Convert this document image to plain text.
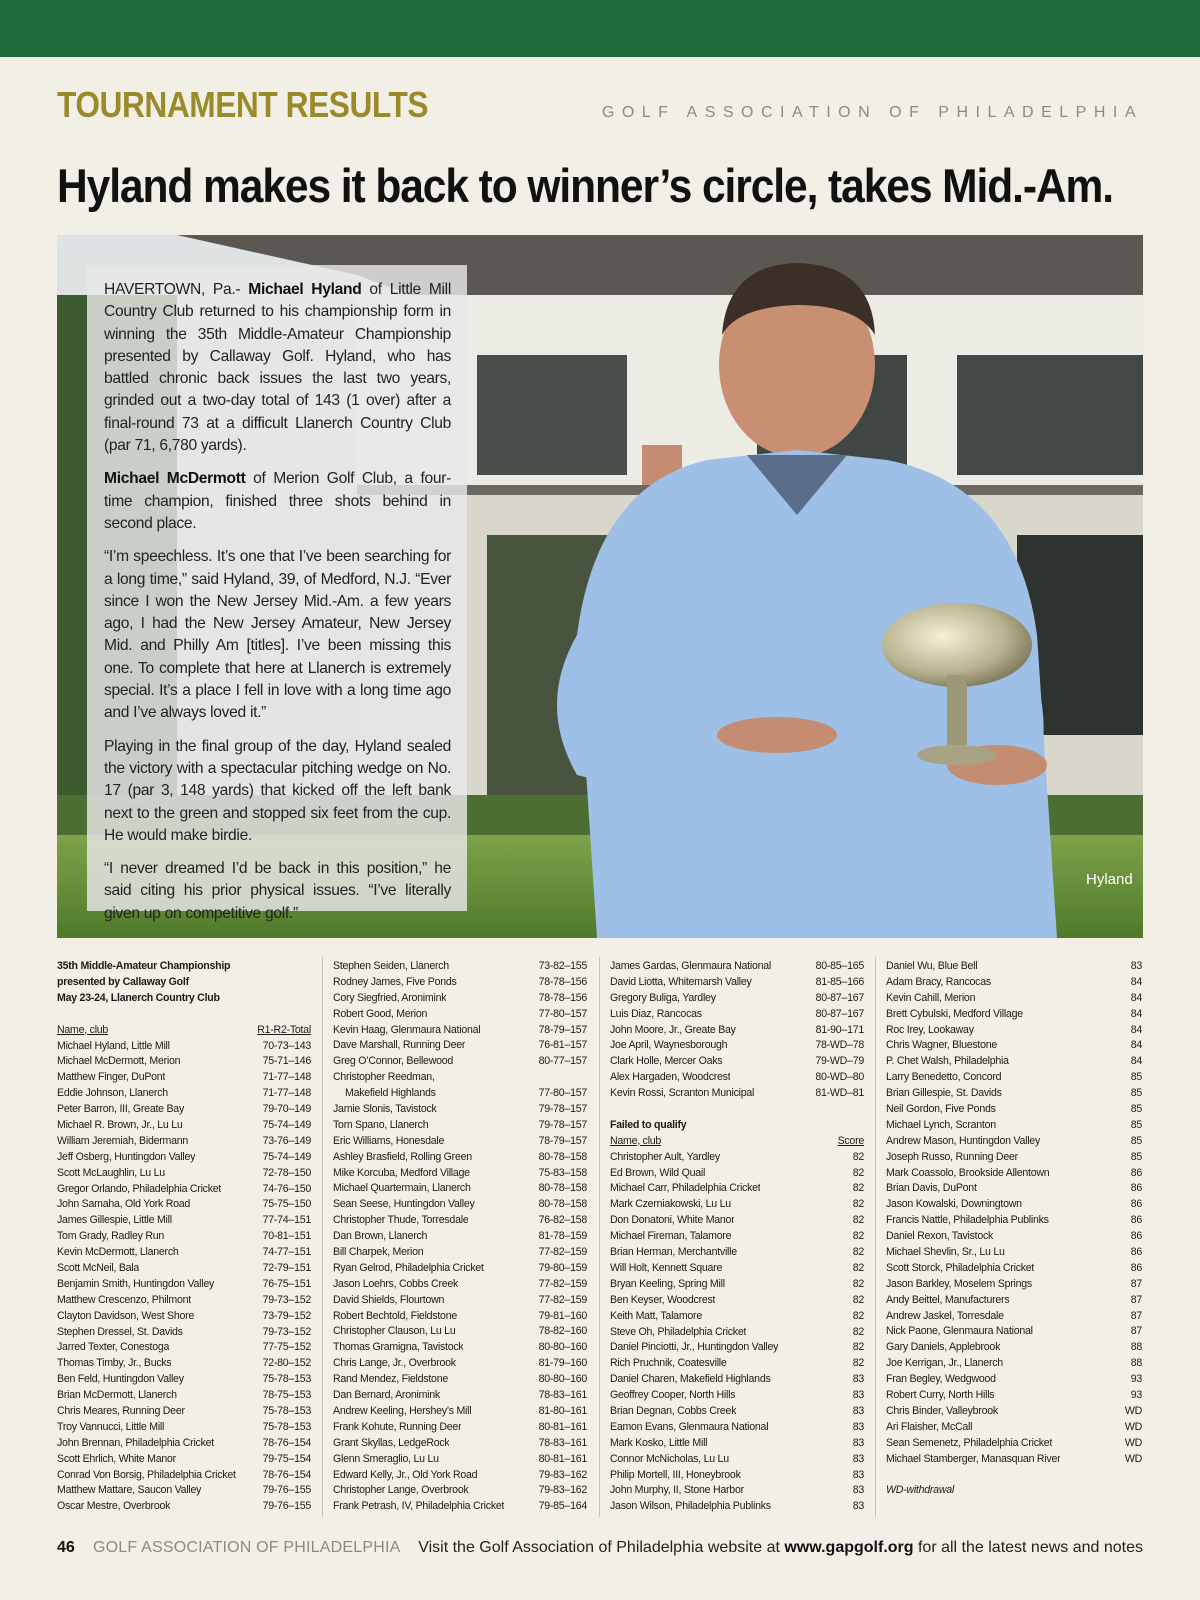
TOURNAMENT RESULTS	GOLF ASSOCIATION OF PHILADELPHIA
Hyland makes it back to winner’s circle, takes Mid.-Am.

HAVERTOWN, Pa.- Michael Hyland of Little Mill Country Club returned to his championship form in winning the 35th Middle-Amateur Championship presented by Callaway Golf. Hyland, who has battled chronic back issues the last two years, grinded out a two-day total of 143 (1 over) after a final-round 73 at a difficult Llanerch Country Club (par 71, 6,780 yards).

Michael McDermott of Merion Golf Club, a four-time champion, finished three shots behind in second place.

“I’m speechless. It’s one that I’ve been searching for a long time,” said Hyland, 39, of Medford, N.J. “Ever since I won the New Jersey Mid.-Am. a few years ago, I had the New Jersey Amateur, New Jersey Mid. and Philly Am [titles]. I’ve been missing this one. To complete that here at Llanerch is extremely special. It’s a place I fell in love with a long time ago and I’ve always loved it.”

Playing in the final group of the day, Hyland sealed the victory with a spectacular pitching wedge on No. 17 (par 3, 148 yards) that kicked off the left bank next to the green and stopped six feet from the cup. He would make birdie.

“I never dreamed I’d be back in this position,” he said citing his prior physical issues. “I’ve literally given up on competitive golf.”

Hyland
35th Middle-Amateur Championship
presented by Callaway Golf
May 23-24, Llanerch Country Club
Name, club	R1-R2-Total
Michael Hyland, Little Mill	70-73–143
Michael McDermott, Merion	75-71–146
Matthew Finger, DuPont	71-77–148
Eddie Johnson, Llanerch	71-77–148
Peter Barron, III, Greate Bay	79-70–149
Michael R. Brown, Jr., Lu Lu	75-74–149
William Jeremiah, Bidermann	73-76–149
Jeff Osberg, Huntingdon Valley	75-74–149
Scott McLaughlin, Lu Lu	72-78–150
Gregor Orlando, Philadelphia Cricket	74-76–150
John Samaha, Old York Road	75-75–150
James Gillespie, Little Mill	77-74–151
Tom Grady, Radley Run	70-81–151
Kevin McDermott, Llanerch	74-77–151
Scott McNeil, Bala	72-79–151
Benjamin Smith, Huntingdon Valley	76-75–151
Matthew Crescenzo, Philmont	79-73–152
Clayton Davidson, West Shore	73-79–152
Stephen Dressel, St. Davids	79-73–152
Jarred Texter, Conestoga	77-75–152
Thomas Timby, Jr., Bucks	72-80–152
Ben Feld, Huntingdon Valley	75-78–153
Brian McDermott, Llanerch	78-75–153
Chris Meares, Running Deer	75-78–153
Troy Vannucci, Little Mill	75-78–153
John Brennan, Philadelphia Cricket	78-76–154
Scott Ehrlich, White Manor	79-75–154
Conrad Von Borsig, Philadelphia Cricket	78-76–154
Matthew Mattare, Saucon Valley	79-76–155
Oscar Mestre, Overbrook	79-76–155
Stephen Seiden, Llanerch	73-82–155
Rodney James, Five Ponds	78-78–156
Cory Siegfried, Aronimink	78-78–156
Robert Good, Merion	77-80–157
Kevin Haag, Glenmaura National	78-79–157
Dave Marshall, Running Deer	76-81–157
Greg O’Connor, Bellewood	80-77–157
Christopher Reedman,
Makefield Highlands	77-80–157
Jamie Slonis, Tavistock	79-78–157
Tom Spano, Llanerch	79-78–157
Eric Williams, Honesdale	78-79–157
Ashley Brasfield, Rolling Green	80-78–158
Mike Korcuba, Medford Village	75-83–158
Michael Quartermain, Llanerch	80-78–158
Sean Seese, Huntingdon Valley	80-78–158
Christopher Thude, Torresdale	76-82–158
Dan Brown, Llanerch	81-78–159
Bill Charpek, Merion	77-82–159
Ryan Gelrod, Philadelphia Cricket	79-80–159
Jason Loehrs, Cobbs Creek	77-82–159
David Shields, Flourtown	77-82–159
Robert Bechtold, Fieldstone	79-81–160
Christopher Clauson, Lu Lu	78-82–160
Thomas Gramigna, Tavistock	80-80–160
Chris Lange, Jr., Overbrook	81-79–160
Rand Mendez, Fieldstone	80-80–160
Dan Bernard, Aronimink	78-83–161
Andrew Keeling, Hershey’s Mill	81-80–161
Frank Kohute, Running Deer	80-81–161
Grant Skyllas, LedgeRock	78-83–161
Glenn Smeraglio, Lu Lu	80-81–161
Edward Kelly, Jr., Old York Road	79-83–162
Christopher Lange, Overbrook	79-83–162
Frank Petrash, IV, Philadelphia Cricket	79-85–164
James Gardas, Glenmaura National	80-85–165
David Liotta, Whitemarsh Valley	81-85–166
Gregory Buliga, Yardley	80-87–167
Luis Diaz, Rancocas	80-87–167
John Moore, Jr., Greate Bay	81-90–171
Joe April, Waynesborough	78-WD–78
Clark Holle, Mercer Oaks	79-WD–79
Alex Hargaden, Woodcrest	80-WD–80
Kevin Rossi, Scranton Municipal	81-WD–81
Failed to qualify
Name, club	Score
Christopher Ault, Yardley	82
Ed Brown, Wild Quail	82
Michael Carr, Philadelphia Cricket	82
Mark Czerniakowski, Lu Lu	82
Don Donatoni, White Manor	82
Michael Fireman, Talamore	82
Brian Herman, Merchantville	82
Will Holt, Kennett Square	82
Bryan Keeling, Spring Mill	82
Ben Keyser, Woodcrest	82
Keith Matt, Talamore	82
Steve Oh, Philadelphia Cricket	82
Daniel Pinciotti, Jr., Huntingdon Valley	82
Rich Pruchnik, Coatesville	82
Daniel Charen, Makefield Highlands	83
Geoffrey Cooper, North Hills	83
Brian Degnan, Cobbs Creek	83
Eamon Evans, Glenmaura National	83
Mark Kosko, Little Mill	83
Connor McNicholas, Lu Lu	83
Philip Mortell, III, Honeybrook	83
John Murphy, II, Stone Harbor	83
Jason Wilson, Philadelphia Publinks	83
Daniel Wu, Blue Bell	83
Adam Bracy, Rancocas	84
Kevin Cahill, Merion	84
Brett Cybulski, Medford Village	84
Roc Irey, Lookaway	84
Chris Wagner, Bluestone	84
P. Chet Walsh, Philadelphia	84
Larry Benedetto, Concord	85
Brian Gillespie, St. Davids	85
Neil Gordon, Five Ponds	85
Michael Lynch, Scranton	85
Andrew Mason, Huntingdon Valley	85
Joseph Russo, Running Deer	85
Mark Coassolo, Brookside Allentown	86
Brian Davis, DuPont	86
Jason Kowalski, Downingtown	86
Francis Nattle, Philadelphia Publinks	86
Daniel Rexon, Tavistock	86
Michael Shevlin, Sr., Lu Lu	86
Scott Storck, Philadelphia Cricket	86
Jason Barkley, Moselem Springs	87
Andy Beittel, Manufacturers	87
Andrew Jaskel, Torresdale	87
Nick Paone, Glenmaura National	87
Gary Daniels, Applebrook	88
Joe Kerrigan, Jr., Llanerch	88
Fran Begley, Wedgwood	93
Robert Curry, North Hills	93
Chris Binder, Valleybrook	WD
Ari Flaisher, McCall	WD
Sean Semenetz, Philadelphia Cricket	WD
Michael Stamberger, Manasquan River	WD
WD-withdrawal
46 GOLF ASSOCIATION OF PHILADELPHIA Visit the Golf Association of Philadelphia website at www.gapgolf.org for all the latest news and notes
